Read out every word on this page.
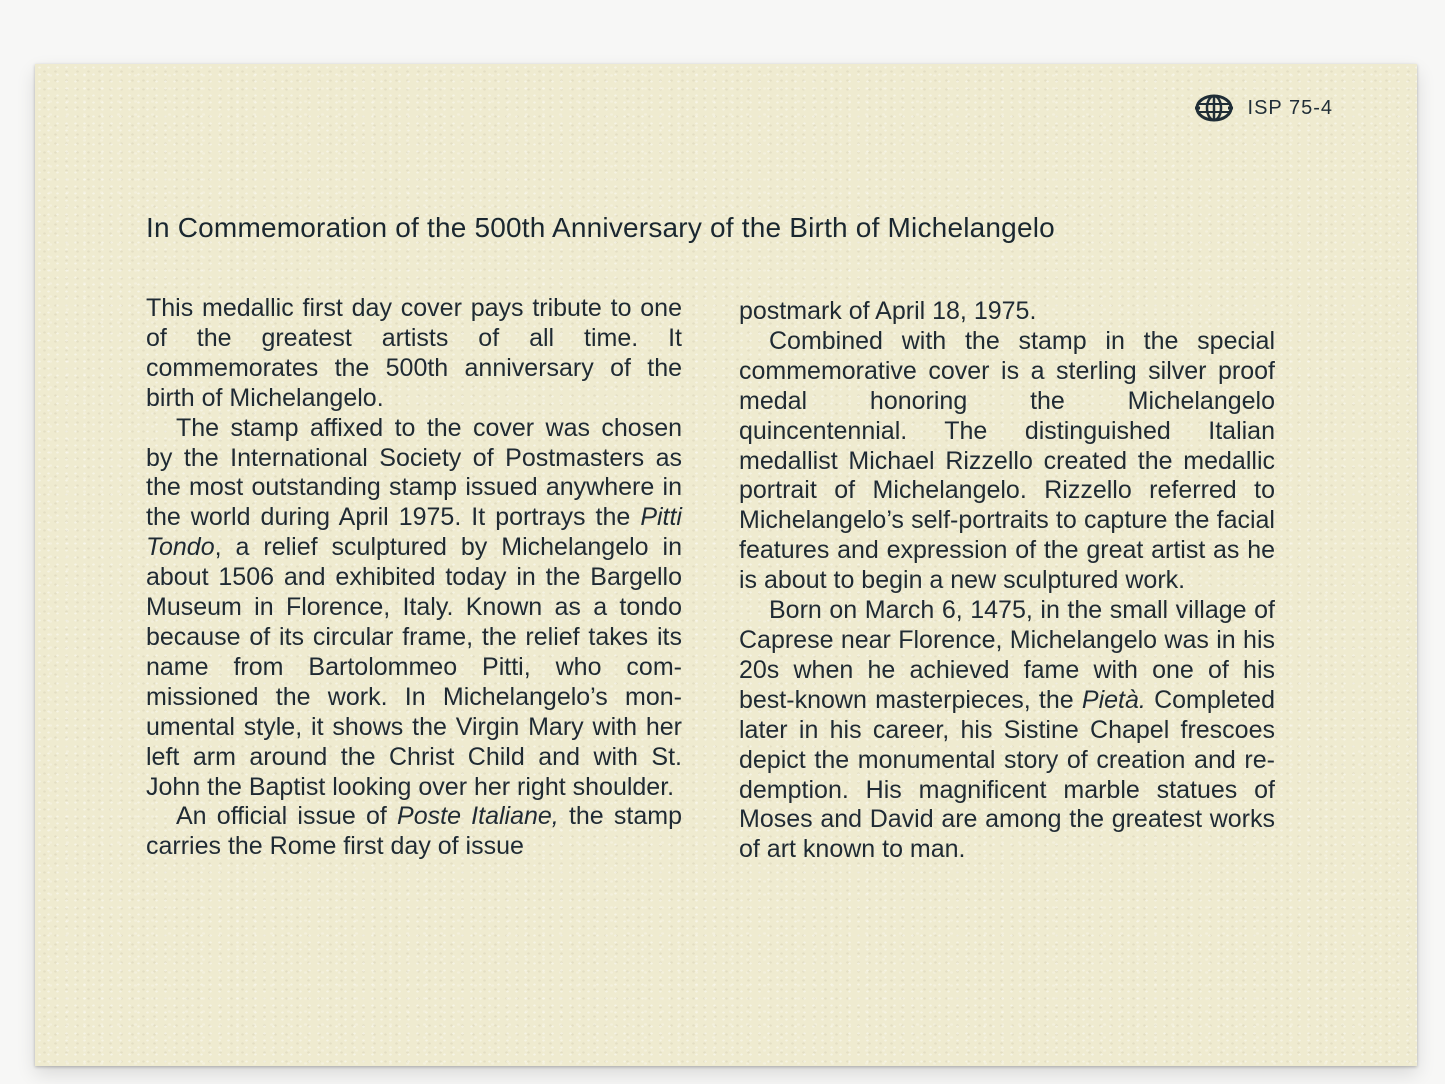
ISP 75-4
In Commemoration of the 500th Anniversary of the Birth of Michelangelo

This medallic first day cover pays tribute to one of the greatest artists of all time. It commemorates the 500th anniversary of the birth of Michelangelo.

The stamp affixed to the cover was chosen by the International Society of Postmasters as the most outstanding stamp issued anywhere in the world during April 1975. It portrays the Pitti Tondo, a relief sculptured by Michelangelo in about 1506 and exhibited today in the Bargello Museum in Florence, Italy. Known as a tondo because of its circular frame, the relief takes its name from Bartolommeo Pitti, who commissioned the work. In Michelangelo’s monumental style, it shows the Virgin Mary with her left arm around the Christ Child and with St. John the Baptist looking over her right shoulder.

An official issue of Poste Italiane, the stamp carries the Rome first day of issue

postmark of April 18, 1975.

Combined with the stamp in the special commemorative cover is a sterling silver proof medal honoring the Michelangelo quincentennial. The distinguished Italian medallist Michael Rizzello created the medallic portrait of Michelangelo. Rizzello referred to Michelangelo’s self-portraits to capture the facial features and expression of the great artist as he is about to begin a new sculptured work.

Born on March 6, 1475, in the small village of Caprese near Florence, Michelangelo was in his 20s when he achieved fame with one of his best-known masterpieces, the Pietà. Completed later in his career, his Sistine Chapel frescoes depict the monumental story of creation and redemption. His magnificent marble statues of Moses and David are among the greatest works of art known to man.
